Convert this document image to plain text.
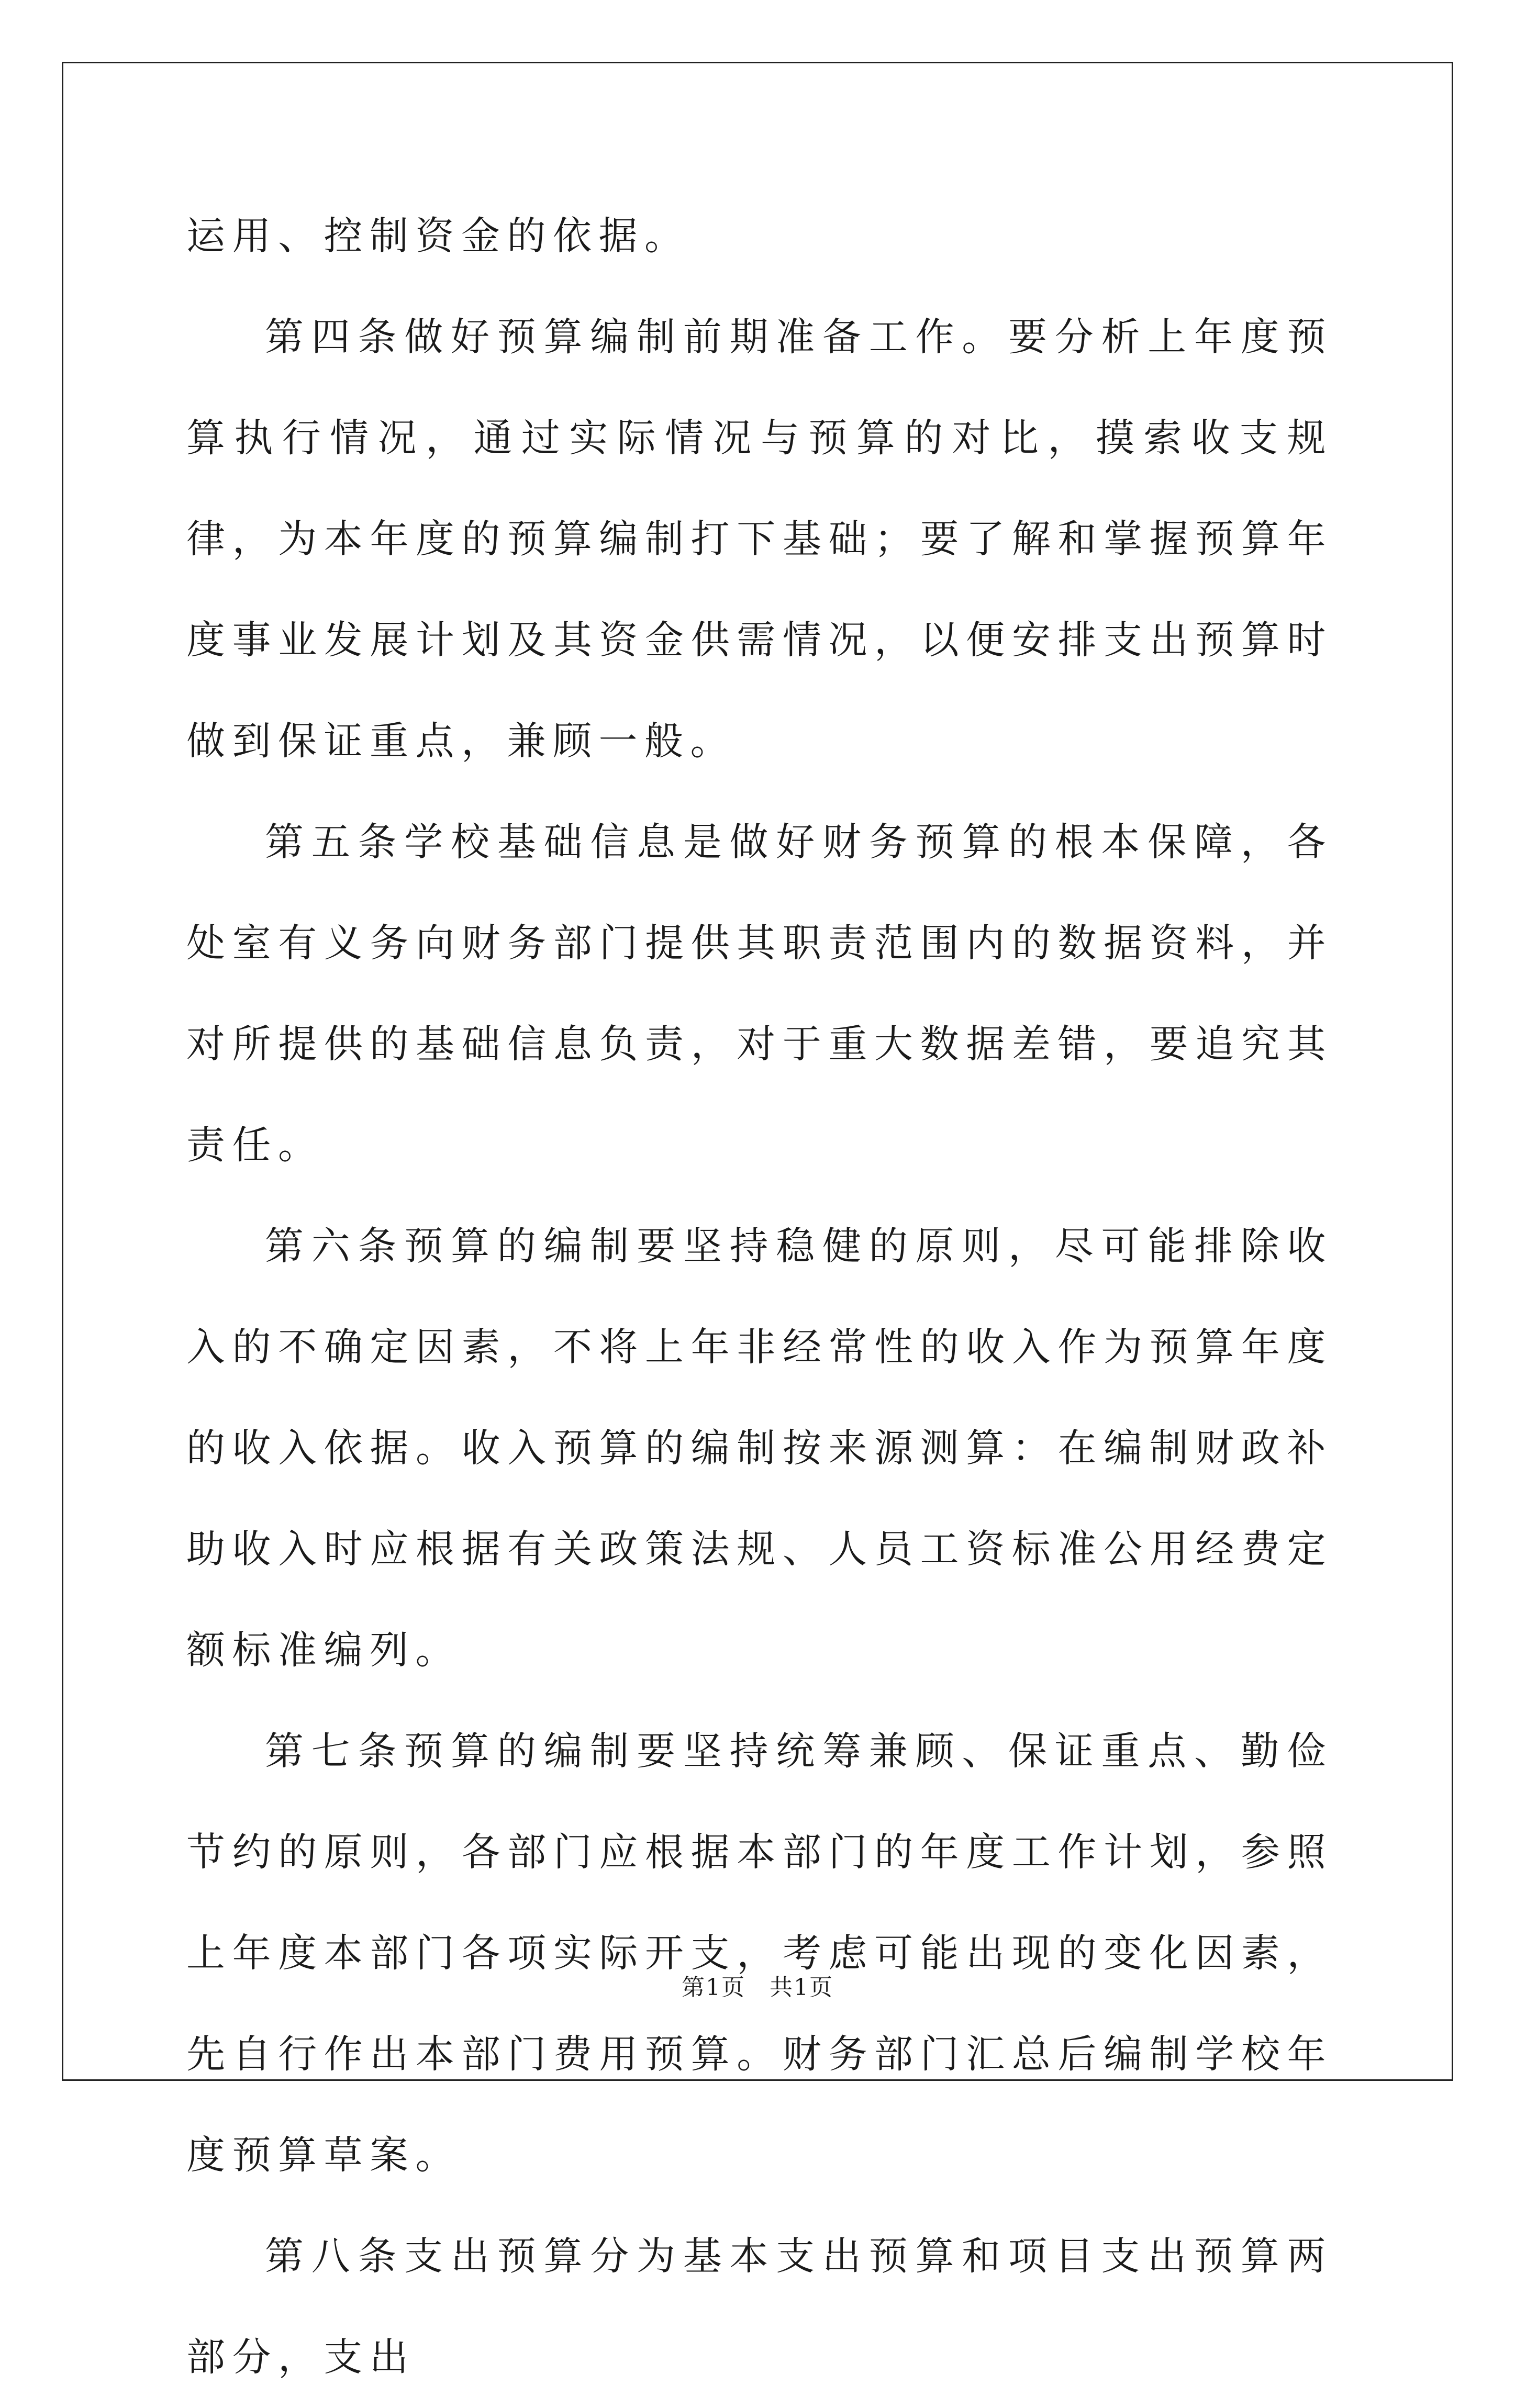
运用、控制资金的依据。

第四条做好预算编制前期准备工作。要分析上年度预算执行情况，通过实际情况与预算的对比，摸索收支规律，为本年度的预算编制打下基础；要了解和掌握预算年度事业发展计划及其资金供需情况，以便安排支出预算时做到保证重点，兼顾一般。

第五条学校基础信息是做好财务预算的根本保障，各处室有义务向财务部门提供其职责范围内的数据资料，并对所提供的基础信息负责，对于重大数据差错，要追究其责任。

第六条预算的编制要坚持稳健的原则，尽可能排除收入的不确定因素，不将上年非经常性的收入作为预算年度的收入依据。收入预算的编制按来源测算：在编制财政补助收入时应根据有关政策法规、人员工资标准公用经费定额标准编列。

第七条预算的编制要坚持统筹兼顾、保证重点、勤俭节约的原则，各部门应根据本部门的年度工作计划，参照上年度本部门各项实际开支，考虑可能出现的变化因素，先自行作出本部门费用预算。财务部门汇总后编制学校年度预算草案。

第八条支出预算分为基本支出预算和项目支出预算两部分，支出

第1页 共1页
